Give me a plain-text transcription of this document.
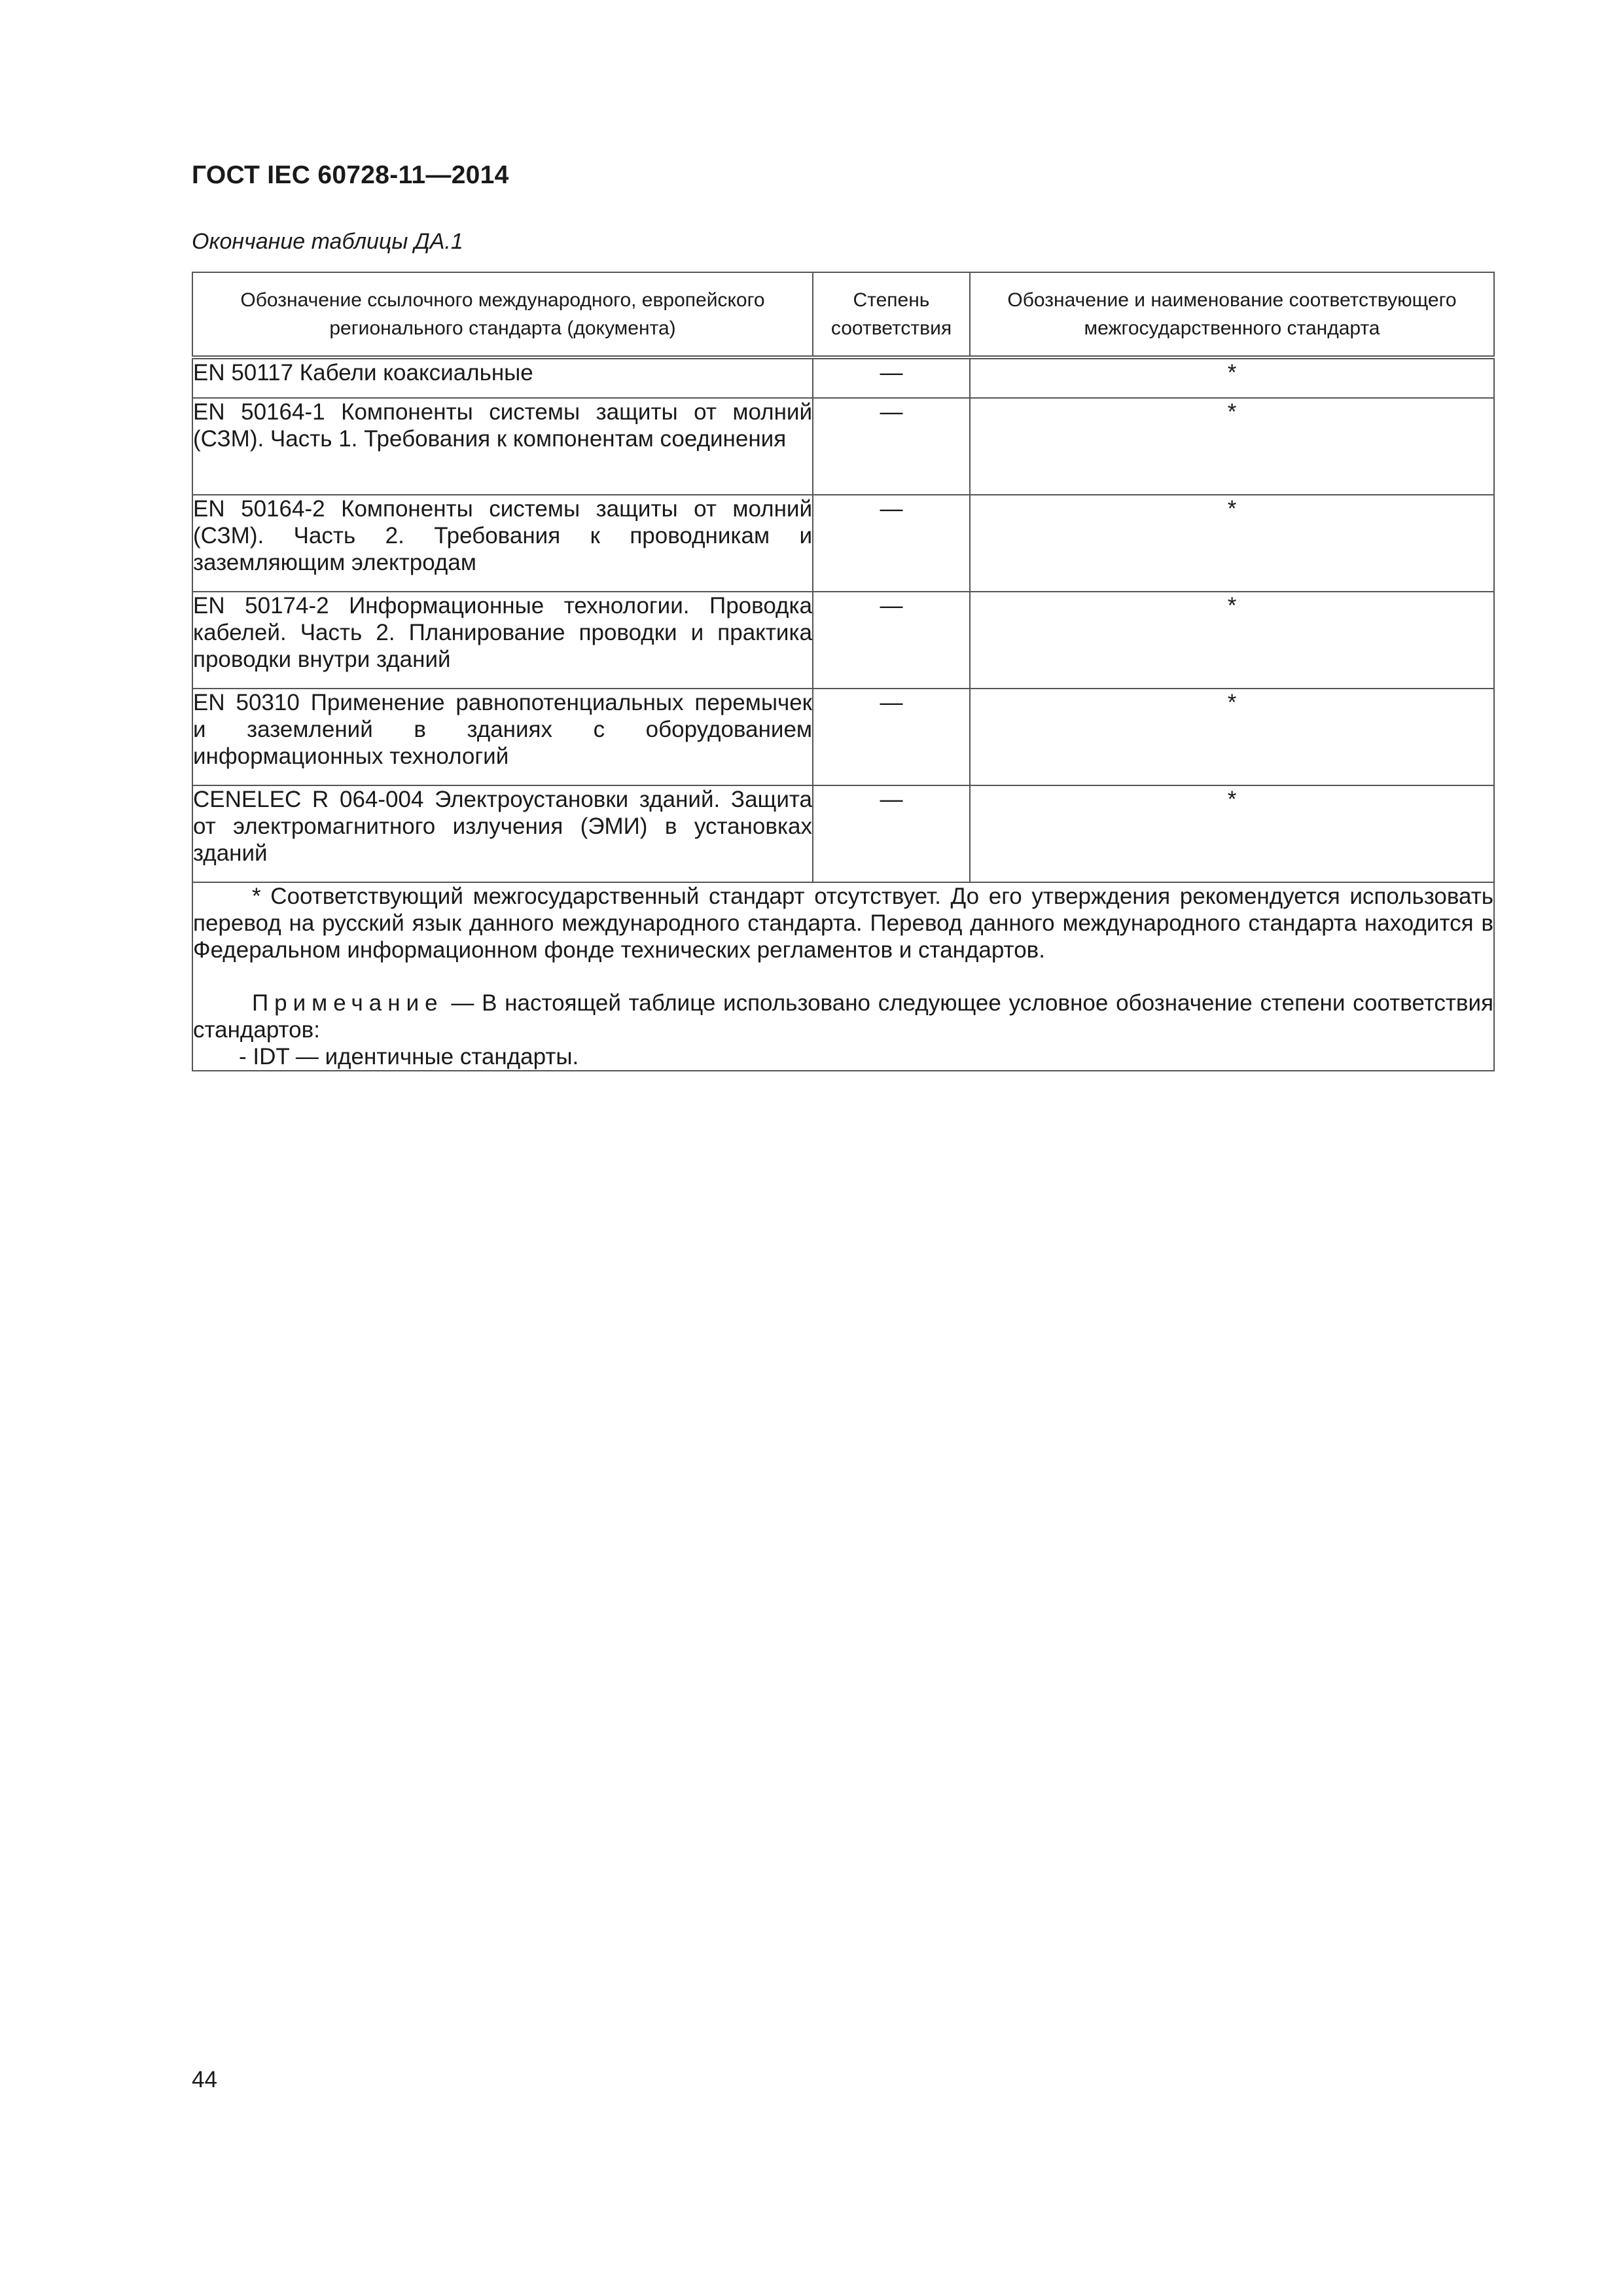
ГОСТ IEC 60728-11—2014
Окончание таблицы ДА.1
Обозначение ссылочного международного, европейского регионального стандарта (документа)	Степень соответствия	Обозначение и наименование соответствующего межгосударственного стандарта
EN 50117 Кабели коаксиальные	—	*
EN 50164-1 Компоненты системы защиты от молний (СЗМ). Часть 1. Требования к компонентам соединения	—	*
EN 50164-2 Компоненты системы защиты от молний (СЗМ). Часть 2. Требования к проводникам и заземляющим электродам	—	*
EN 50174-2 Информационные технологии. Проводка кабелей. Часть 2. Планирование проводки и практика проводки внутри зданий	—	*
EN 50310 Применение равнопотенциальных перемычек и заземлений в зданиях с оборудованием информационных технологий	—	*
CENELEC R 064-004 Электроустановки зданий. Защита от электромагнитного излучения (ЭМИ) в установках зданий	—	*

* Соответствующий межгосударственный стандарт отсутствует. До его утверждения рекомендуется использовать перевод на русский язык данного международного стандарта. Перевод данного международного стандарта находится в Федеральном информационном фонде технических регламентов и стандартов.

Примечание — В настоящей таблице использовано следующее условное обозначение степени соответствия стандартов:

- IDT — идентичные стандарты.		

44
